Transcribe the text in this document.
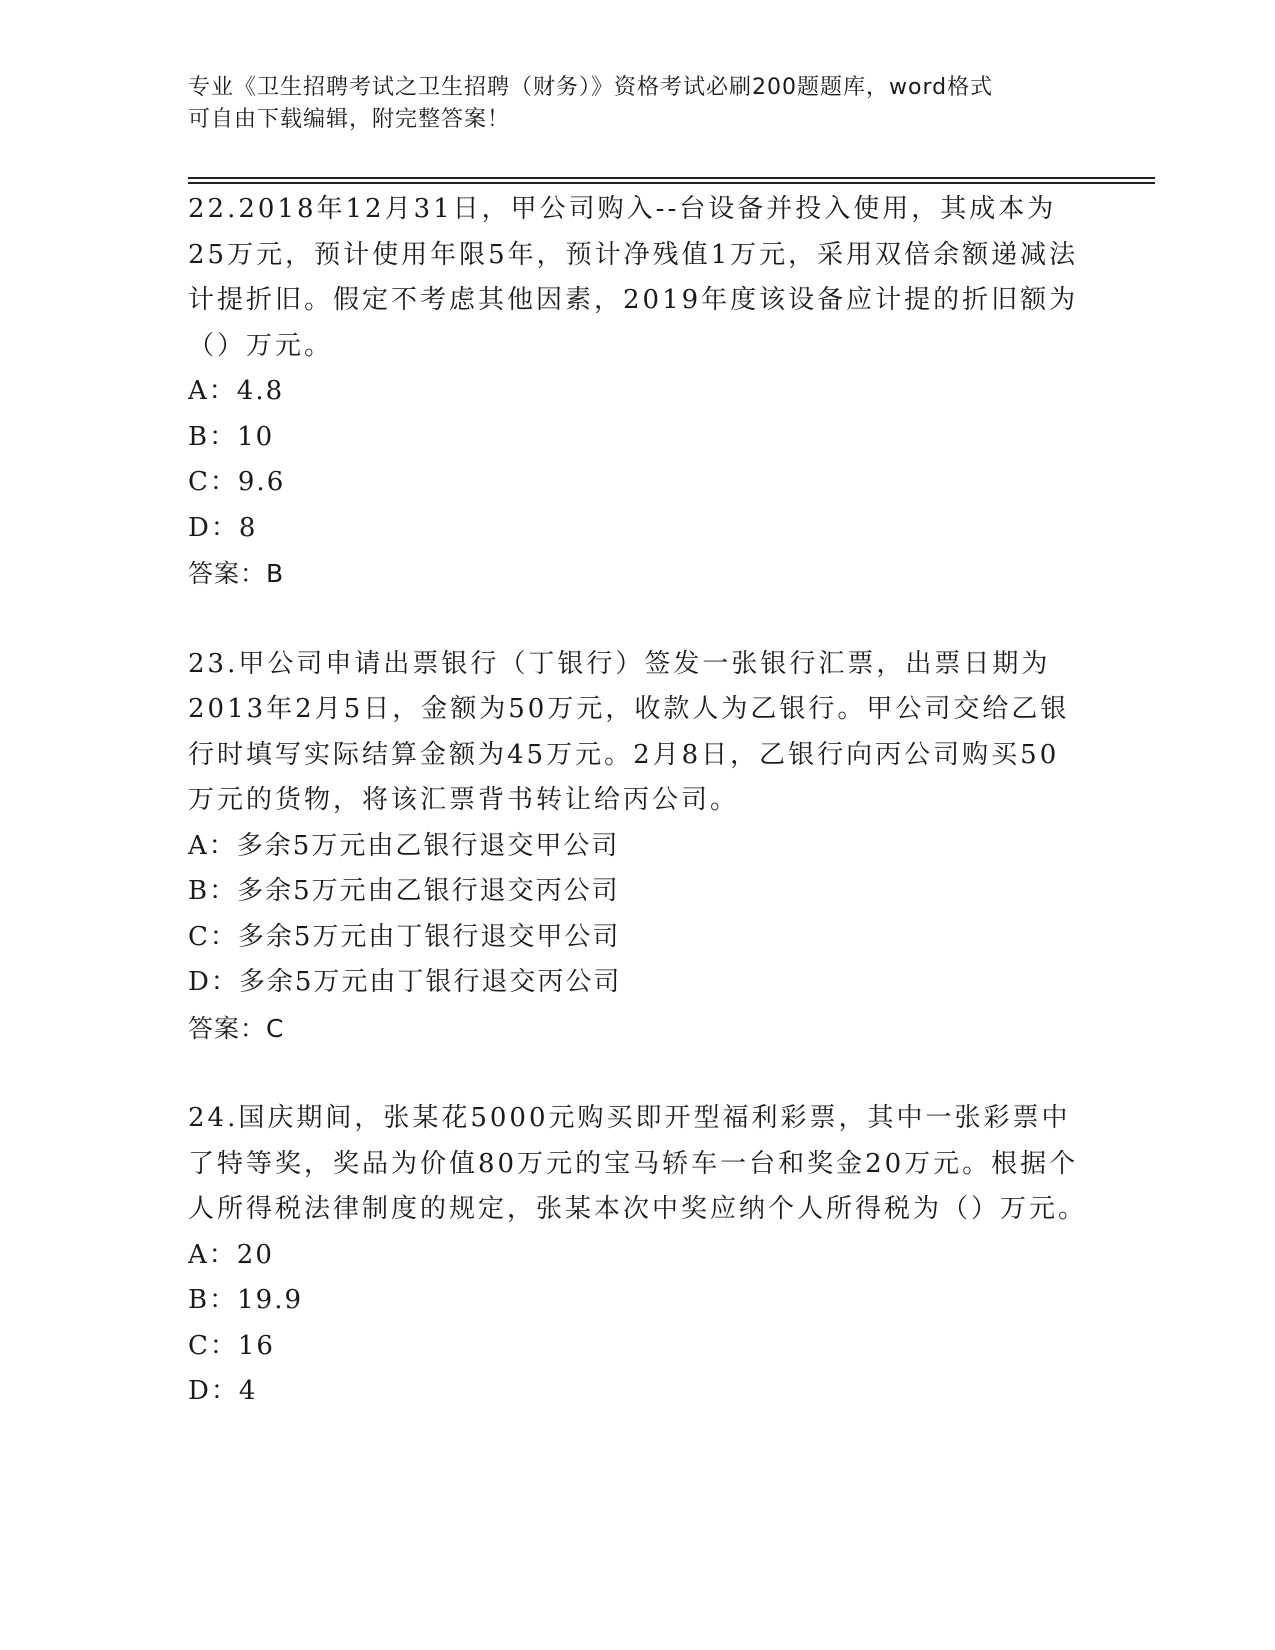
专业《卫生招聘考试之卫生招聘（财务）》资格考试必刷200题题库，word格式
可自由下载编辑，附完整答案！
22.2018年12月31日，甲公司购入--台设备并投入使用，其成本为25万元，预计使用年限5年，预计净残值1万元，采用双倍余额递减法计提折旧。假定不考虑其他因素，2019年度该设备应计提的折旧额为（）万元。
A：4.8
B：10
C：9.6
D：8
答案：B
23.甲公司申请出票银行（丁银行）签发一张银行汇票，出票日期为2013年2月5日，金额为50万元，收款人为乙银行。甲公司交给乙银行时填写实际结算金额为45万元。2月8日，乙银行向丙公司购买50万元的货物，将该汇票背书转让给丙公司。
A：多余5万元由乙银行退交甲公司
B：多余5万元由乙银行退交丙公司
C：多余5万元由丁银行退交甲公司
D：多余5万元由丁银行退交丙公司
答案：C
24.国庆期间，张某花5000元购买即开型福利彩票，其中一张彩票中了特等奖，奖品为价值80万元的宝马轿车一台和奖金20万元。根据个人所得税法律制度的规定，张某本次中奖应纳个人所得税为（）万元。
A：20
B：19.9
C：16
D：4
